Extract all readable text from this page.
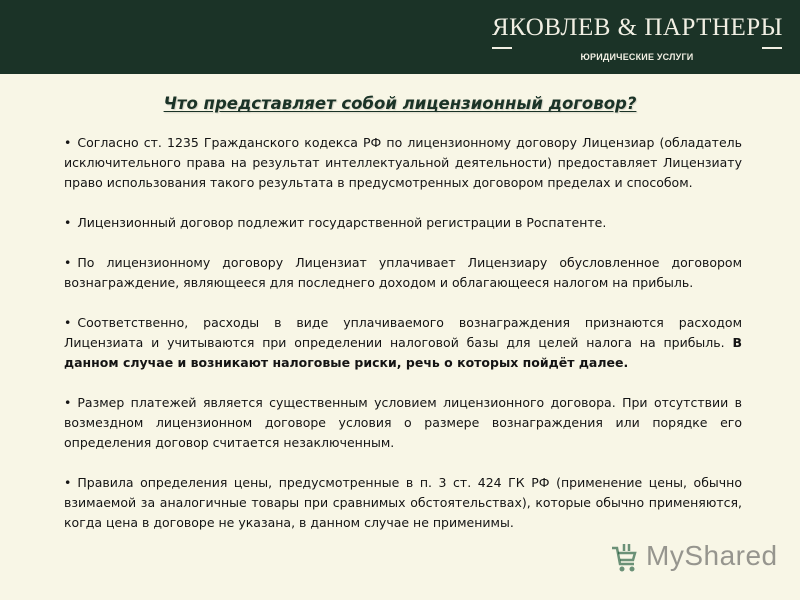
ЯКОВЛЕВ & ПАРТНЕРЫ
ЮРИДИЧЕСКИЕ УСЛУГИ
Что представляет собой лицензионный договор?

• Согласно ст. 1235 Гражданского кодекса РФ по лицензионному договору Лицензиар (обладатель исключительного права на результат интеллектуальной деятельности) предоставляет Лицензиату право использования такого результата в предусмотренных договором пределах и способом.

• Лицензионный договор подлежит государственной регистрации в Роспатенте.

• По лицензионному договору Лицензиат уплачивает Лицензиару обусловленное договором вознаграждение, являющееся для последнего доходом и облагающееся налогом на прибыль.

• Соответственно, расходы в виде уплачиваемого вознаграждения признаются расходом Лицензиата и учитываются при определении налоговой базы для целей налога на прибыль. В данном случае и возникают налоговые риски, речь о которых пойдёт далее.

• Размер платежей является существенным условием лицензионного договора. При отсутствии в возмездном лицензионном договоре условия о размере вознаграждения или порядке его определения договор считается незаключенным.

• Правила определения цены, предусмотренные в п. 3 ст. 424 ГК РФ (применение цены, обычно взимаемой за аналогичные товары при сравнимых обстоятельствах), которые обычно применяются, когда цена в договоре не указана, в данном случае не применимы.

MyShared
